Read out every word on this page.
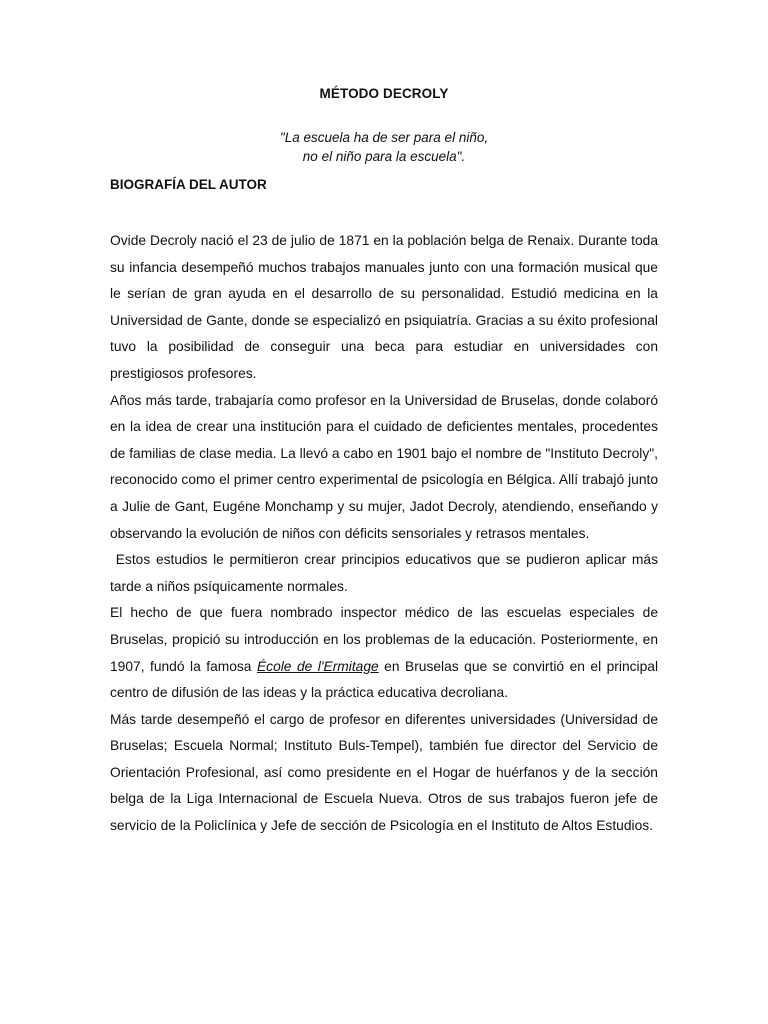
MÉTODO DECROLY
"La escuela ha de ser para el niño,
no el niño para la escuela".
BIOGRAFÍA DEL AUTOR

Ovide Decroly nació el 23 de julio de 1871 en la población belga de Renaix. Durante toda su infancia desempeñó muchos trabajos manuales junto con una formación musical que le serían de gran ayuda en el desarrollo de su personalidad. Estudió medicina en la Universidad de Gante, donde se especializó en psiquiatría. Gracias a su éxito profesional tuvo la posibilidad de conseguir una beca para estudiar en universidades con prestigiosos profesores.

Años más tarde, trabajaría como profesor en la Universidad de Bruselas, donde colaboró en la idea de crear una institución para el cuidado de deficientes mentales, procedentes de familias de clase media. La llevó a cabo en 1901 bajo el nombre de "Instituto Decroly", reconocido como el primer centro experimental de psicología en Bélgica. Allí trabajó junto a Julie de Gant, Eugéne Monchamp y su mujer, Jadot Decroly, atendiendo, enseñando y observando la evolución de niños con déficits sensoriales y retrasos mentales.

Estos estudios le permitieron crear principios educativos que se pudieron aplicar más tarde a niños psíquicamente normales.

El hecho de que fuera nombrado inspector médico de las escuelas especiales de Bruselas, propició su introducción en los problemas de la educación. Posteriormente, en 1907, fundó la famosa École de l'Ermitage en Bruselas que se convirtió en el principal centro de difusión de las ideas y la práctica educativa decroliana.

Más tarde desempeñó el cargo de profesor en diferentes universidades (Universidad de Bruselas; Escuela Normal; Instituto Buls-Tempel), también fue director del Servicio de Orientación Profesional, así como presidente en el Hogar de huérfanos y de la sección belga de la Liga Internacional de Escuela Nueva. Otros de sus trabajos fueron jefe de servicio de la Policlínica y Jefe de sección de Psicología en el Instituto de Altos Estudios.
